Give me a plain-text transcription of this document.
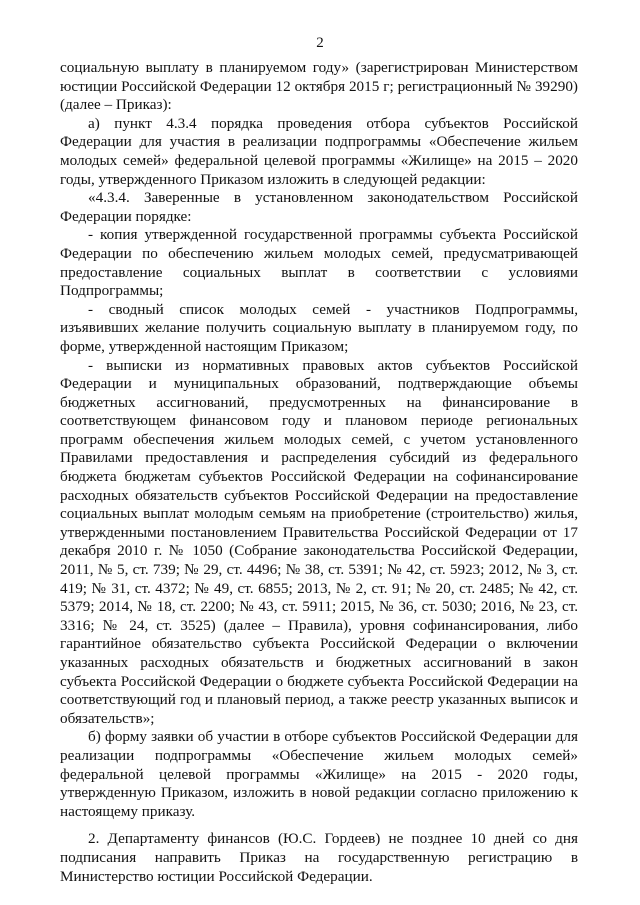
2

социальную выплату в планируемом году» (зарегистрирован Министерством юстиции Российской Федерации 12 октября 2015 г; регистрационный № 39290) (далее – Приказ):

а) пункт 4.3.4 порядка проведения отбора субъектов Российской Федерации для участия в реализации подпрограммы «Обеспечение жильем молодых семей» федеральной целевой программы «Жилище» на 2015 – 2020 годы, утвержденного Приказом изложить в следующей редакции:

«4.3.4. Заверенные в установленном законодательством Российской Федерации порядке:

- копия утвержденной государственной программы субъекта Российской Федерации по обеспечению жильем молодых семей, предусматривающей предоставление социальных выплат в соответствии с условиями Подпрограммы;

- сводный список молодых семей - участников Подпрограммы, изъявивших желание получить социальную выплату в планируемом году, по форме, утвержденной настоящим Приказом;

- выписки из нормативных правовых актов субъектов Российской Федерации и муниципальных образований, подтверждающие объемы бюджетных ассигнований, предусмотренных на финансирование в соответствующем финансовом году и плановом периоде региональных программ обеспечения жильем молодых семей, с учетом установленного Правилами предоставления и распределения субсидий из федерального бюджета бюджетам субъектов Российской Федерации на софинансирование расходных обязательств субъектов Российской Федерации на предоставление социальных выплат молодым семьям на приобретение (строительство) жилья, утвержденными постановлением Правительства Российской Федерации от 17 декабря 2010 г. № 1050 (Собрание законодательства Российской Федерации, 2011, № 5, ст. 739; № 29, ст. 4496; № 38, ст. 5391; № 42, ст. 5923; 2012, № 3, ст. 419; № 31, ст. 4372; № 49, ст. 6855; 2013, № 2, ст. 91; № 20, ст. 2485; № 42, ст. 5379; 2014, № 18, ст. 2200; № 43, ст. 5911; 2015, № 36, ст. 5030; 2016, № 23, ст. 3316; № 24, ст. 3525) (далее – Правила), уровня софинансирования, либо гарантийное обязательство субъекта Российской Федерации о включении указанных расходных обязательств и бюджетных ассигнований в закон субъекта Российской Федерации о бюджете субъекта Российской Федерации на соответствующий год и плановый период, а также реестр указанных выписок и обязательств»;

б) форму заявки об участии в отборе субъектов Российской Федерации для реализации подпрограммы «Обеспечение жильем молодых семей» федеральной целевой программы «Жилище» на 2015 - 2020 годы, утвержденную Приказом, изложить в новой редакции согласно приложению к настоящему приказу.

2. Департаменту финансов (Ю.С. Гордеев) не позднее 10 дней со дня подписания направить Приказ на государственную регистрацию в Министерство юстиции Российской Федерации.
